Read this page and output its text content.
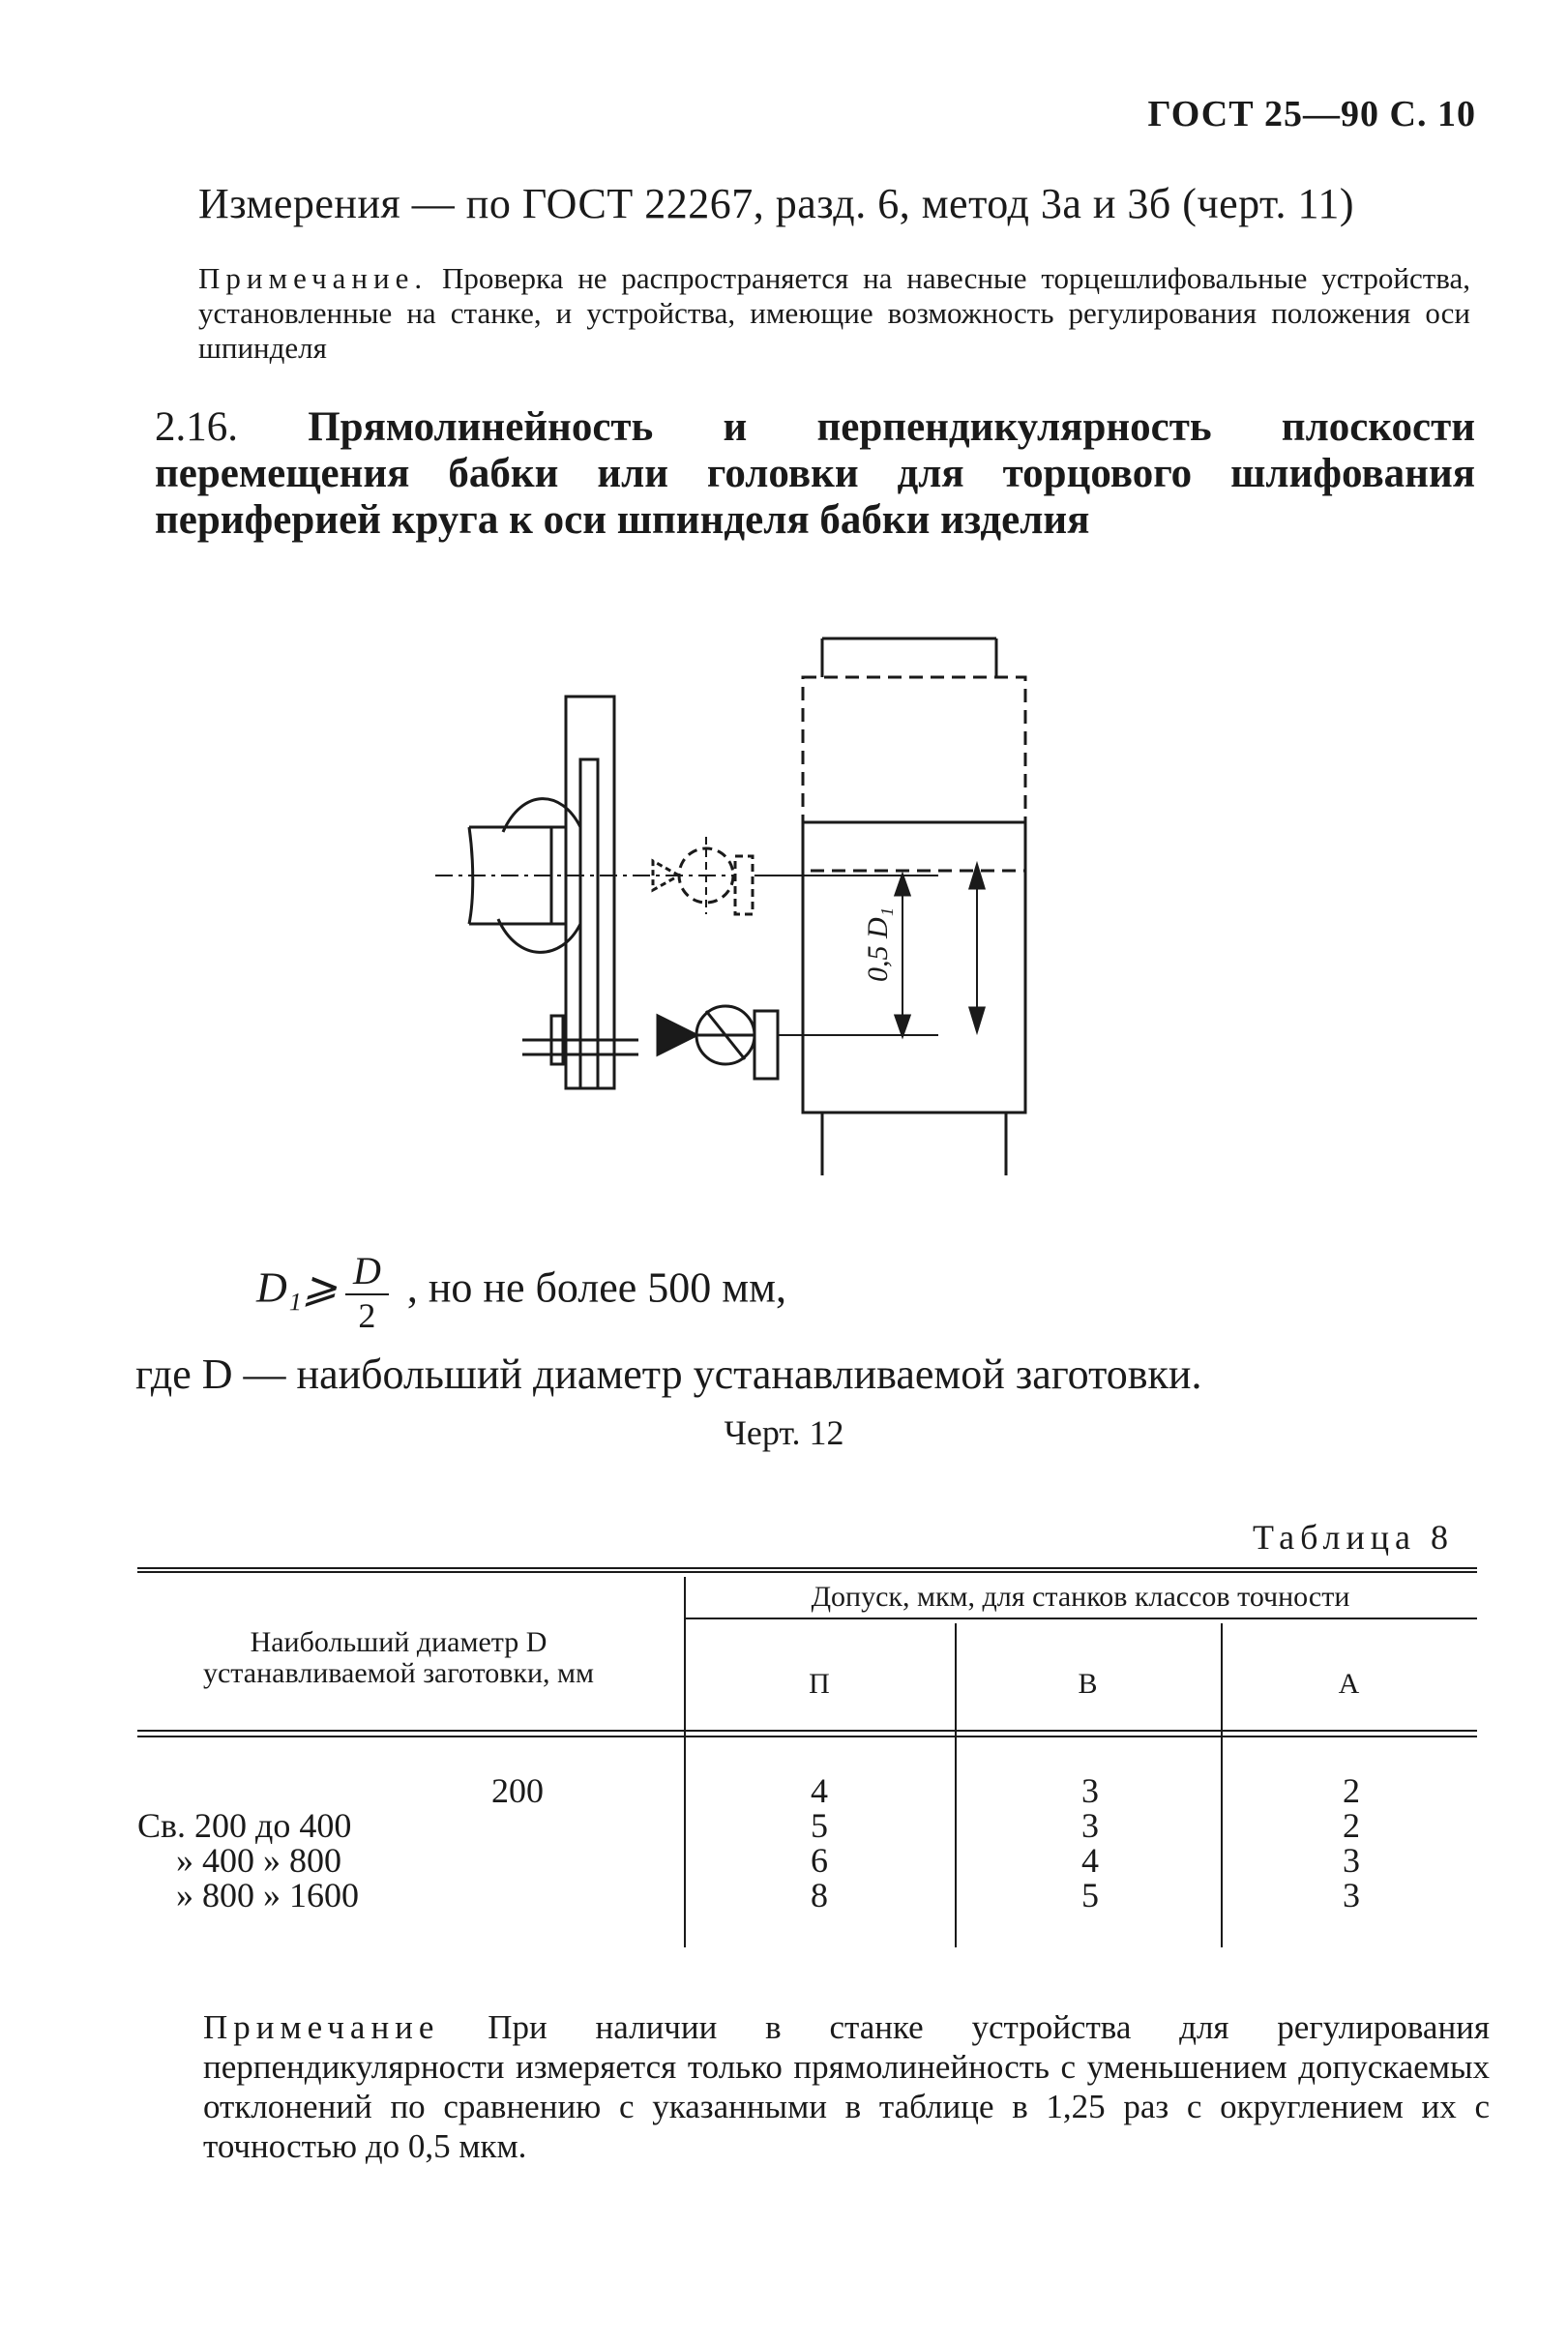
ГОСТ 25—90 С. 10
Измерения — по ГОСТ 22267, разд. 6, метод 3а и 3б (черт. 11)
Примечание. Проверка не распространяется на навесные торцешлифовальные устройства, установленные на станке, и устройства, имеющие возможность регулирования положения оси шпинделя
2.16. Прямолинейность и перпендикулярность плоскости перемещения бабки или головки для торцового шлифования периферией круга к оси шпинделя бабки изделия
0,5 D₁
D₁⩾ $\frac{D}{2}$ , но не более 500 мм,
где D — наибольший диаметр устанавливаемой заготовки.
Черт. 12
Таблица 8
Наибольший диаметр D устанавливаемой заготовки, мм
Допуск, мкм, для станков классов точности
П	В	А
200	4	3	2
Св. 200 до 400	5	3	2
» 400 » 800	6	4	3
» 800 » 1600	8	5	3
Примечание При наличии в станке устройства для регулирования перпендикулярности измеряется только прямолинейность с уменьшением допускаемых отклонений по сравнению с указанными в таблице в 1,25 раз с округлением их с точностью до 0,5 мкм.
